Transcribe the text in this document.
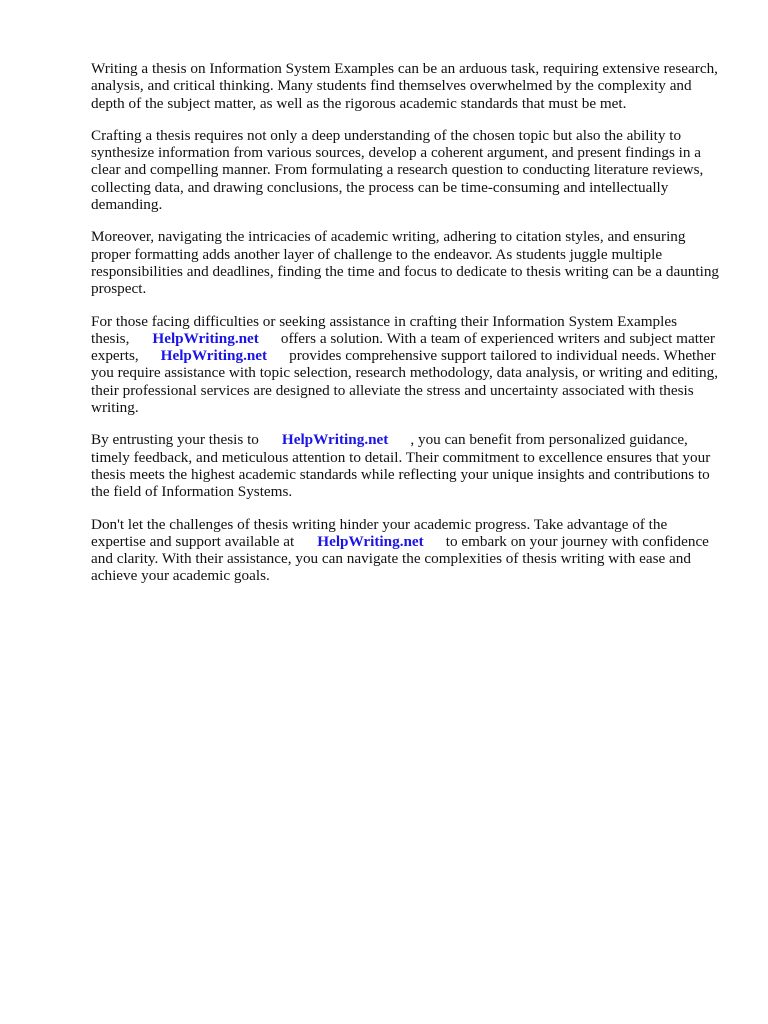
Writing a thesis on Information System Examples can be an arduous task, requiring extensive research, analysis, and critical thinking. Many students find themselves overwhelmed by the complexity and depth of the subject matter, as well as the rigorous academic standards that must be met.

Crafting a thesis requires not only a deep understanding of the chosen topic but also the ability to synthesize information from various sources, develop a coherent argument, and present findings in a clear and compelling manner. From formulating a research question to conducting literature reviews, collecting data, and drawing conclusions, the process can be time-consuming and intellectually demanding.

Moreover, navigating the intricacies of academic writing, adhering to citation styles, and ensuring proper formatting adds another layer of challenge to the endeavor. As students juggle multiple responsibilities and deadlines, finding the time and focus to dedicate to thesis writing can be a daunting prospect.

For those facing difficulties or seeking assistance in crafting their Information System Examples thesis, HelpWriting.net offers a solution. With a team of experienced writers and subject matter experts, HelpWriting.net provides comprehensive support tailored to individual needs. Whether you require assistance with topic selection, research methodology, data analysis, or writing and editing, their professional services are designed to alleviate the stress and uncertainty associated with thesis writing.

By entrusting your thesis to HelpWriting.net , you can benefit from personalized guidance, timely feedback, and meticulous attention to detail. Their commitment to excellence ensures that your thesis meets the highest academic standards while reflecting your unique insights and contributions to the field of Information Systems.

Don't let the challenges of thesis writing hinder your academic progress. Take advantage of the expertise and support available at HelpWriting.net to embark on your journey with confidence and clarity. With their assistance, you can navigate the complexities of thesis writing with ease and achieve your academic goals.
